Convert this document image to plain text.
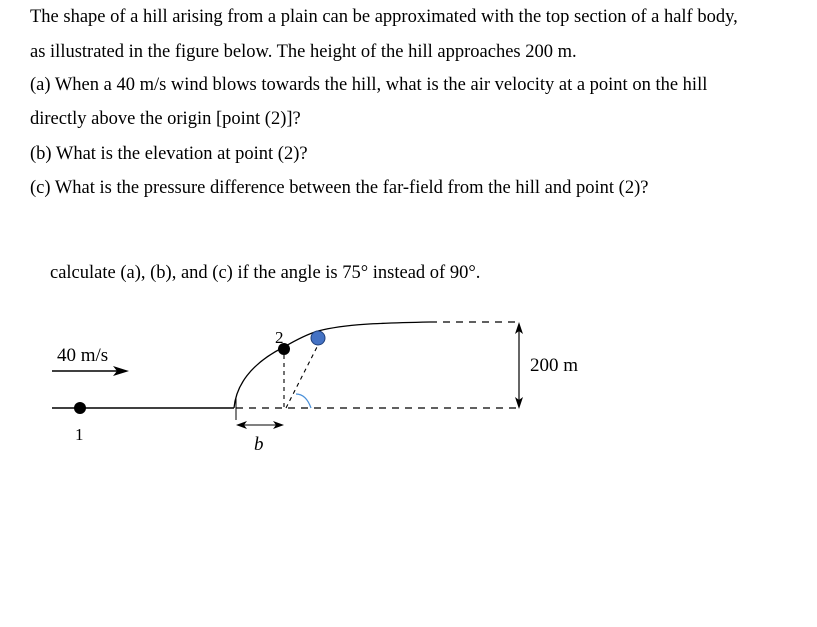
The shape of a hill arising from a plain can be approximated with the top section of a half body,
as illustrated in the figure below. The height of the hill approaches 200 m.
(a) When a 40 m/s wind blows towards the hill, what is the air velocity at a point on the hill
directly above the origin [point (2)]?
(b) What is the elevation at point (2)?
(c) What is the pressure difference between the far-field from the hill and point (2)?
calculate (a), (b), and (c) if the angle is 75° instead of 90°.
40 m/s
1
2
b
200 m
